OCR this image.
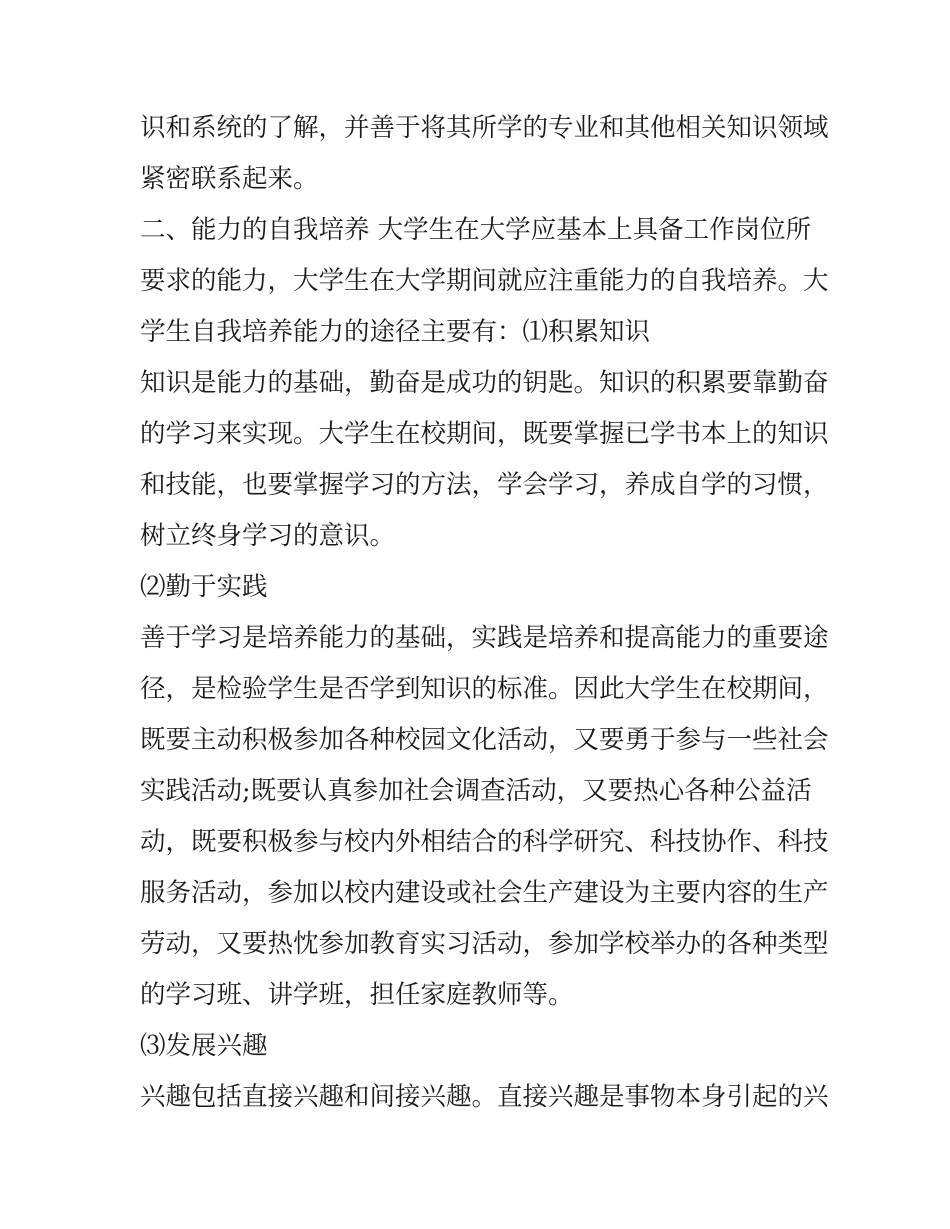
识和系统的了解，并善于将其所学的专业和其他相关知识领域
紧密联系起来。
二、能力的自我培养 大学生在大学应基本上具备工作岗位所
要求的能力，大学生在大学期间就应注重能力的自我培养。大
学生自我培养能力的途径主要有：⑴积累知识
知识是能力的基础，勤奋是成功的钥匙。知识的积累要靠勤奋
的学习来实现。大学生在校期间，既要掌握已学书本上的知识
和技能，也要掌握学习的方法，学会学习，养成自学的习惯，
树立终身学习的意识。
⑵勤于实践
善于学习是培养能力的基础，实践是培养和提高能力的重要途
径，是检验学生是否学到知识的标准。因此大学生在校期间，
既要主动积极参加各种校园文化活动，又要勇于参与一些社会
实践活动;既要认真参加社会调查活动，又要热心各种公益活
动，既要积极参与校内外相结合的科学研究、科技协作、科技
服务活动，参加以校内建设或社会生产建设为主要内容的生产
劳动，又要热忱参加教育实习活动，参加学校举办的各种类型
的学习班、讲学班，担任家庭教师等。
⑶发展兴趣
兴趣包括直接兴趣和间接兴趣。直接兴趣是事物本身引起的兴
